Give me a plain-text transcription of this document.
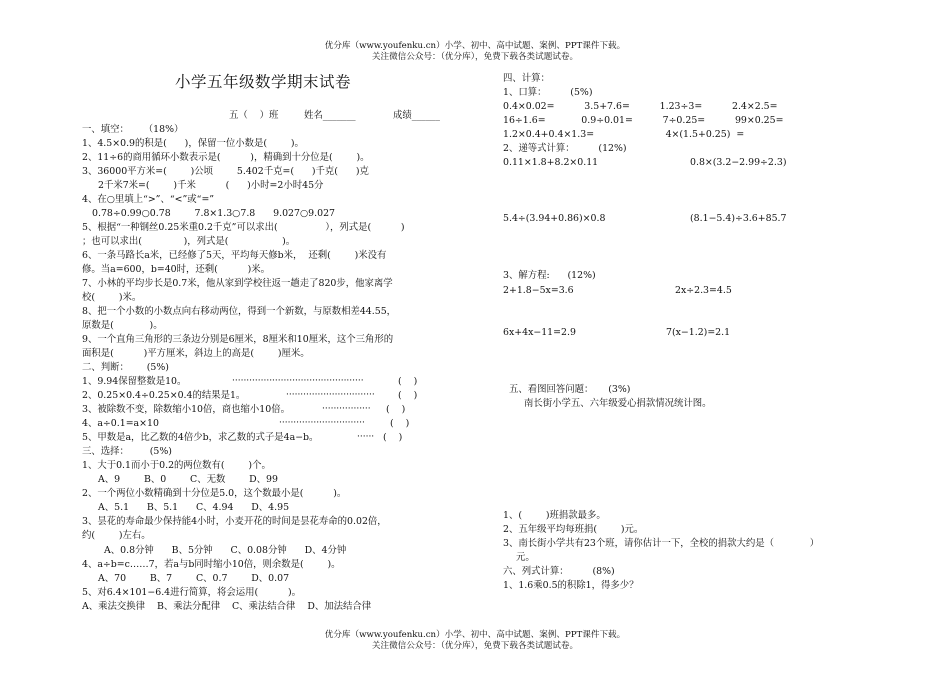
优分库（www.youfenku.cn）小学、初中、高中试题、案例、PPT课件下载。
关注微信公众号：（优分库），免费下载各类试题试卷。
小学五年级数学期末试卷
五（    ）班	姓名_______	成绩______
一、填空：     （18%）
1、4.5×0.9的积是(      )，保留一位小数是(        )。
2、11÷6的商用循环小数表示是(          )，精确到十分位是(        )。
3、36000平方米=(        )公顷        5.402千克=(      )千克(      )克
2千米7米=(        )千米          (      )小时=2小时45分
4、在○里填上“>”、“<”或“=”
0.78÷0.99○0.78        7.8×1.3○7.8      9.027○9.027
5、根据“一种钢丝0.25米重0.2千克”可以求出(                ），列式是(          )
；也可以求出(              )，列式是(                  )。
6、一条马路长a米，已经修了5天，平均每天修b米，  还剩(        )米没有
修。当a=600，b=40时，还剩(          )米。
7、小林的平均步长是0.7米，他从家到学校往返一趟走了820步，他家离学
校(        )米。
8、把一个小数的小数点向右移动两位，得到一个新数，与原数相差44.55，
原数是(            )。
9、一个直角三角形的三条边分别是6厘米，8厘米和10厘米，这个三角形的
面积是(          )平方厘米，斜边上的高是(        )厘米。
二、判断：      (5%)
1、9.94保留整数是10。	··············································	(    )
2、0.25×0.4÷0.25×0.4的结果是1。	······························· (    )
3、被除数不变，除数缩小10倍，商也缩小10倍。	················· (    )
4、a÷0.1=a×10	······························	(    )
5、甲数是a，比乙数的4倍少b，求乙数的式子是4a−b。	······ (    )
三、选择：       (5%)
1、大于0.1而小于0.2的两位数有(        )个。
A、9        B、0        C、无数        D、99
2、一个两位小数精确到十分位是5.0，这个数最小是(          )。
A、5.1      B、5.1      C、4.94      D、4.95
3、昙花的寿命最少保持能4小时，小麦开花的时间是昙花寿命的0.02倍，
约(        )左右。
A、0.8分钟      B、5分钟      C、0.08分钟      D、4分钟
4、a÷b=c……7，若a与b同时缩小10倍，则余数是(        )。
A、70        B、7        C、0.7        D、0.07
5、对6.4×101−6.4进行简算，将会运用(          )。
A、乘法交换律    B、乘法分配律    C、乘法结合律    D、加法结合律
四、计算：
1、口算：        (5%)
0.4×0.02=          3.5+7.6=          1.23÷3=          2.4×2.5=
16÷1.6=            0.9÷0.01=          7÷0.25=          99×0.25=
1.2×0.4+0.4×1.3=                        4×(1.5+0.25)  =
2、递等式计算：        (12%)
0.11×1.8+8.2×0.11	0.8×(3.2−2.99÷2.3)
5.4÷(3.94+0.86)×0.8	(8.1−5.4)÷3.6+85.7
3、解方程:      (12%)
2+1.8−5x=3.6	2x÷2.3=4.5
6x+4x−11=2.9	7(x−1.2)=2.1
五、看图回答问题：     (3%)
南长街小学五、六年级爱心捐款情况统计图。
1、(        )班捐款最多。
2、五年级平均每班捐(        )元。
3、南长街小学共有23个班，请你估计一下，全校的捐款大约是（            ）
元。
六、列式计算：        (8%)
1、1.6乘0.5的积除1，得多少？
优分库（www.youfenku.cn）小学、初中、高中试题、案例、PPT课件下载。
关注微信公众号：（优分库），免费下载各类试题试卷。
